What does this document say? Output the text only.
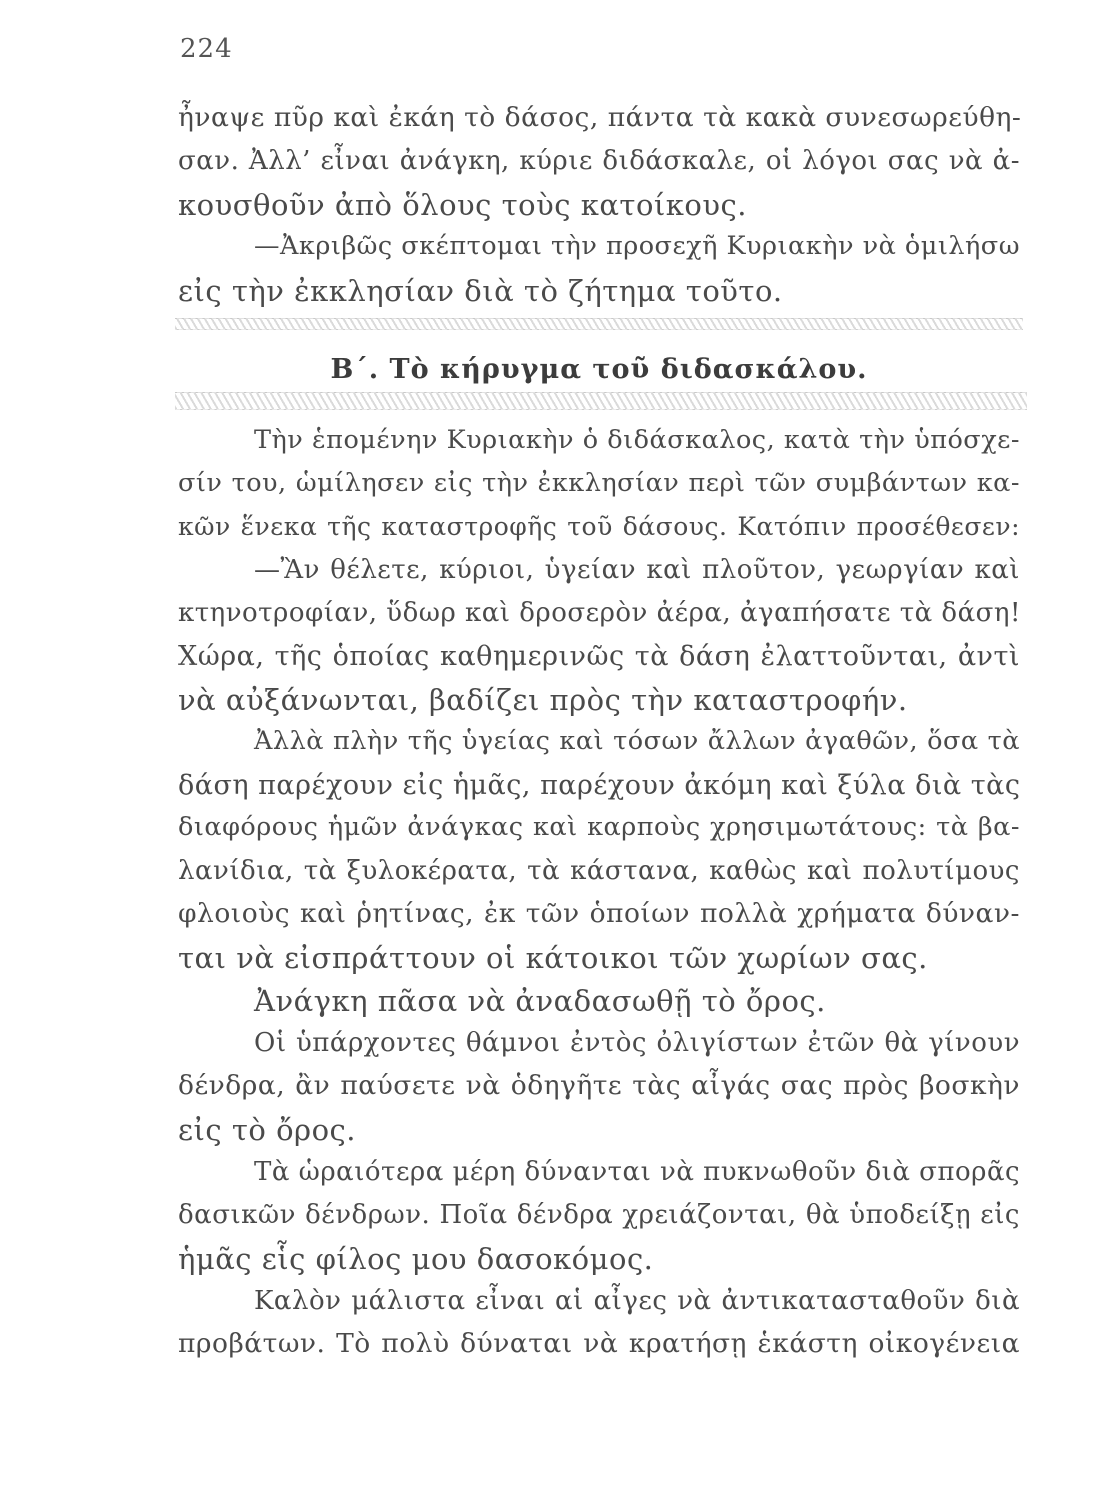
224
ἦναψε πῦρ καὶ ἐκάη τὸ δάσος, πάντα τὰ κακὰ συνεσωρεύθη-
σαν. Ἀλλ’ εἶναι ἀνάγκη, κύριε διδάσκαλε, οἱ λόγοι σας νὰ ἀ-
κουσθοῦν ἀπὸ ὅλους τοὺς κατοίκους.
—Ἀκριβῶς σκέπτομαι τὴν προσεχῆ Κυριακὴν νὰ ὁμιλήσω
εἰς τὴν ἐκκλησίαν διὰ τὸ ζήτημα τοῦτο.
Β΄. Τὸ κήρυγμα τοῦ διδασκάλου.
Τὴν ἑπομένην Κυριακὴν ὁ διδάσκαλος, κατὰ τὴν ὑπόσχε-
σίν του, ὡμίλησεν εἰς τὴν ἐκκλησίαν περὶ τῶν συμβάντων κα-
κῶν ἕνεκα τῆς καταστροφῆς τοῦ δάσους. Κατόπιν προσέθεσεν:
—Ἂν θέλετε, κύριοι, ὑγείαν καὶ πλοῦτον, γεωργίαν καὶ
κτηνοτροφίαν, ὕδωρ καὶ δροσερὸν ἀέρα, ἀγαπήσατε τὰ δάση!
Χώρα, τῆς ὁποίας καθημερινῶς τὰ δάση ἐλαττοῦνται, ἀντὶ
νὰ αὐξάνωνται, βαδίζει πρὸς τὴν καταστροφήν.
Ἀλλὰ πλὴν τῆς ὑγείας καὶ τόσων ἄλλων ἀγαθῶν, ὅσα τὰ
δάση παρέχουν εἰς ἡμᾶς, παρέχουν ἀκόμη καὶ ξύλα διὰ τὰς
διαφόρους ἡμῶν ἀνάγκας καὶ καρποὺς χρησιμωτάτους: τὰ βα-
λανίδια, τὰ ξυλοκέρατα, τὰ κάστανα, καθὼς καὶ πολυτίμους
φλοιοὺς καὶ ῥητίνας, ἐκ τῶν ὁποίων πολλὰ χρήματα δύναν-
ται νὰ εἰσπράττουν οἱ κάτοικοι τῶν χωρίων σας.
Ἀνάγκη πᾶσα νὰ ἀναδασωθῇ τὸ ὄρος.
Οἱ ὑπάρχοντες θάμνοι ἐντὸς ὀλιγίστων ἐτῶν θὰ γίνουν
δένδρα, ἂν παύσετε νὰ ὁδηγῆτε τὰς αἶγάς σας πρὸς βοσκὴν
εἰς τὸ ὄρος.
Τὰ ὡραιότερα μέρη δύνανται νὰ πυκνωθοῦν διὰ σπορᾶς
δασικῶν δένδρων. Ποῖα δένδρα χρειάζονται, θὰ ὑποδείξῃ εἰς
ἡμᾶς εἷς φίλος μου δασοκόμος.
Καλὸν μάλιστα εἶναι αἱ αἶγες νὰ ἀντικατασταθοῦν διὰ
προβάτων. Τὸ πολὺ δύναται νὰ κρατήσῃ ἑκάστη οἰκογένεια
